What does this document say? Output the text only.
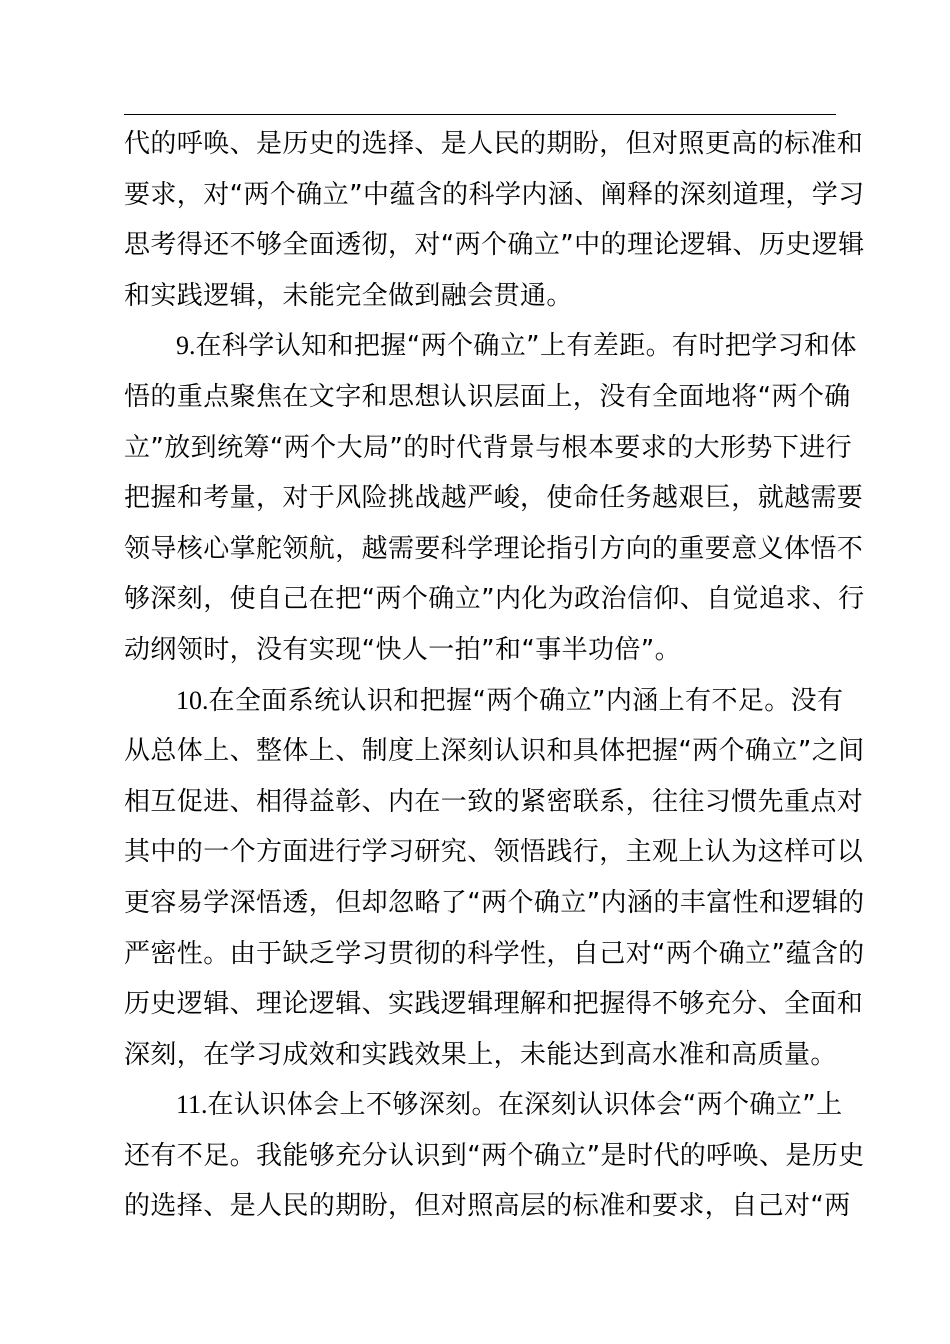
代的呼唤、是历史的选择、是人民的期盼，但对照更高的标准和
要求，对“两个确立”中蕴含的科学内涵、阐释的深刻道理，学习
思考得还不够全面透彻，对“两个确立”中的理论逻辑、历史逻辑
和实践逻辑，未能完全做到融会贯通。
9.在科学认知和把握“两个确立”上有差距。有时把学习和体
悟的重点聚焦在文字和思想认识层面上，没有全面地将“两个确
立”放到统筹“两个大局”的时代背景与根本要求的大形势下进行
把握和考量，对于风险挑战越严峻，使命任务越艰巨，就越需要
领导核心掌舵领航，越需要科学理论指引方向的重要意义体悟不
够深刻，使自己在把“两个确立”内化为政治信仰、自觉追求、行
动纲领时，没有实现“快人一拍”和“事半功倍”。
10.在全面系统认识和把握“两个确立”内涵上有不足。没有
从总体上、整体上、制度上深刻认识和具体把握“两个确立”之间
相互促进、相得益彰、内在一致的紧密联系，往往习惯先重点对
其中的一个方面进行学习研究、领悟践行，主观上认为这样可以
更容易学深悟透，但却忽略了“两个确立”内涵的丰富性和逻辑的
严密性。由于缺乏学习贯彻的科学性，自己对“两个确立”蕴含的
历史逻辑、理论逻辑、实践逻辑理解和把握得不够充分、全面和
深刻，在学习成效和实践效果上，未能达到高水准和高质量。
11.在认识体会上不够深刻。在深刻认识体会“两个确立”上
还有不足。我能够充分认识到“两个确立”是时代的呼唤、是历史
的选择、是人民的期盼，但对照高层的标准和要求，自己对“两
